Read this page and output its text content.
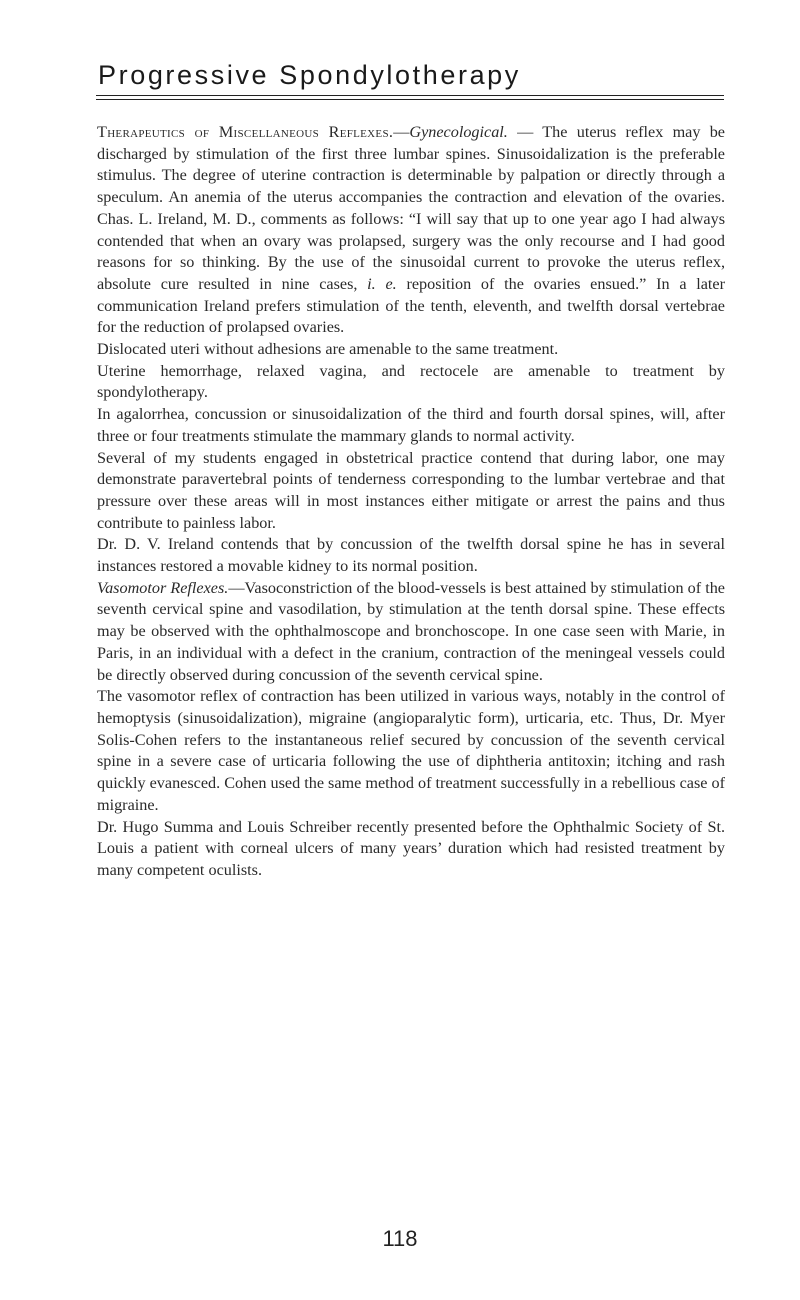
Progressive Spondylotherapy

Therapeutics of Miscellaneous Reflexes.—Gynecological. — The uterus reflex may be discharged by stimulation of the first three lumbar spines. Sinusoidalization is the preferable stimulus. The degree of uterine contraction is determinable by palpation or directly through a speculum. An anemia of the uterus accompanies the contraction and elevation of the ovaries. Chas. L. Ireland, M. D., comments as follows: “I will say that up to one year ago I had always contended that when an ovary was prolapsed, surgery was the only recourse and I had good reasons for so thinking. By the use of the sinusoidal current to provoke the uterus reflex, absolute cure resulted in nine cases, i. e. reposition of the ovaries ensued.” In a later communication Ireland prefers stimulation of the tenth, eleventh, and twelfth dorsal vertebrae for the reduction of prolapsed ovaries.

Dislocated uteri without adhesions are amenable to the same treatment.

Uterine hemorrhage, relaxed vagina, and rectocele are amenable to treatment by spondylotherapy.

In agalorrhea, concussion or sinusoidalization of the third and fourth dorsal spines, will, after three or four treatments stimulate the mammary glands to normal activity.

Several of my students engaged in obstetrical practice contend that during labor, one may demonstrate paravertebral points of tenderness corresponding to the lumbar vertebrae and that pressure over these areas will in most instances either mitigate or arrest the pains and thus contribute to painless labor.

Dr. D. V. Ireland contends that by concussion of the twelfth dorsal spine he has in several instances restored a movable kidney to its normal position.

Vasomotor Reflexes.—Vasoconstriction of the blood-vessels is best attained by stimulation of the seventh cervical spine and vasodilation, by stimulation at the tenth dorsal spine. These effects may be observed with the ophthalmoscope and bronchoscope. In one case seen with Marie, in Paris, in an individual with a defect in the cranium, contraction of the meningeal vessels could be directly observed during concussion of the seventh cervical spine.

The vasomotor reflex of contraction has been utilized in various ways, notably in the control of hemoptysis (sinusoidalization), migraine (angioparalytic form), urticaria, etc. Thus, Dr. Myer Solis-Cohen refers to the instantaneous relief secured by concussion of the seventh cervical spine in a severe case of urticaria following the use of diphtheria antitoxin; itching and rash quickly evanesced. Cohen used the same method of treatment successfully in a rebellious case of migraine.

Dr. Hugo Summa and Louis Schreiber recently presented before the Ophthalmic Society of St. Louis a patient with corneal ulcers of many years’ duration which had resisted treatment by many competent oculists.

118
